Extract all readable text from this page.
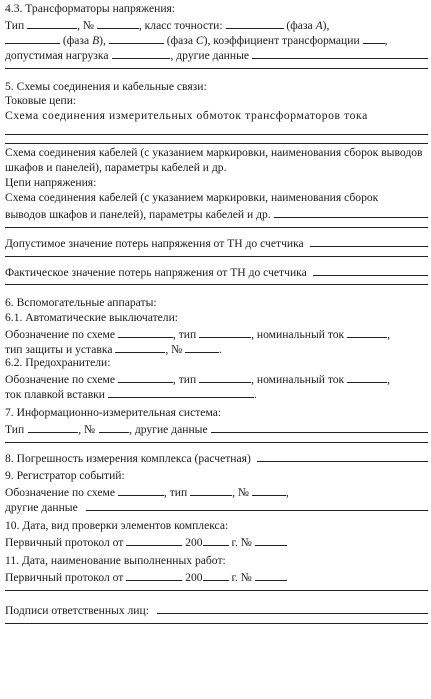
4.3. Трансформаторы напряжения:
Тип	, №	, класс точности:	(фаза A),
(фаза B),	(фаза C), коэффициент трансформации ,
допустимая нагрузка	, другие данные
5. Схемы соединения и кабельные связи:
Токовые цепи:
Схема соединения измерительных обмоток трансформаторов тока
Схема соединения кабелей (с указанием маркировки, наименования сборок выводов шкафов и панелей), параметры кабелей и др.
Цепи напряжения:
Схема соединения кабелей (с указанием маркировки, наименования сборок
выводов шкафов и панелей), параметры кабелей и др.
Допустимое значение потерь напряжения от ТН до счетчика
Фактическое значение потерь напряжения от ТН до счетчика
6. Вспомогательные аппараты:
6.1. Автоматические выключатели:
Обозначение по схеме	, тип	, номинальный ток	,
тип защиты и уставка	, №	.
6.2. Предохранители:
Обозначение по схеме	, тип	, номинальный ток	,
ток плавкой вставки	.
7. Информационно-измерительная система:
Тип	, №	, другие данные
8. Погрешность измерения комплекса (расчетная)
9. Регистратор событий:
Обозначение по схеме	, тип	, №	,
другие данные
10. Дата, вид проверки элементов комплекса:
Первичный протокол от	200 г. №
11. Дата, наименование выполненных работ:
Первичный протокол от	200 г. №
Подписи ответственных лиц:
